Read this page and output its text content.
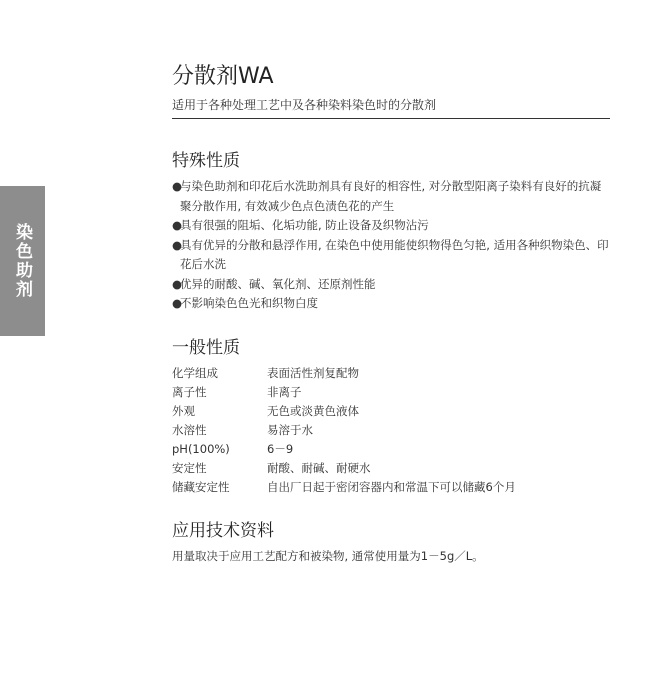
染色助剂
分散剂WA
适用于各种处理工艺中及各种染料染色时的分散剂
特殊性质
●
与染色助剂和印花后水洗助剂具有良好的相容性, 对分散型阳离子染料有良好的抗凝聚分散作用, 有效减少色点色渍色花的产生
●
具有很强的阻垢、化垢功能, 防止设备及织物沾污
●
具有优异的分散和悬浮作用, 在染色中使用能使织物得色匀艳, 适用各种织物染色、印花后水洗
●
优异的耐酸、碱、氧化剂、还原剂性能
●
不影响染色色光和织物白度
一般性质
化学组成	表面活性剂复配物
离子性	非离子
外观	无色或淡黄色液体
水溶性	易溶于水
pH(100%)	6－9
安定性	耐酸、耐碱、耐硬水
储藏安定性	自出厂日起于密闭容器内和常温下可以储藏6个月
应用技术资料
用量取决于应用工艺配方和被染物, 通常使用量为1－5g／L。
